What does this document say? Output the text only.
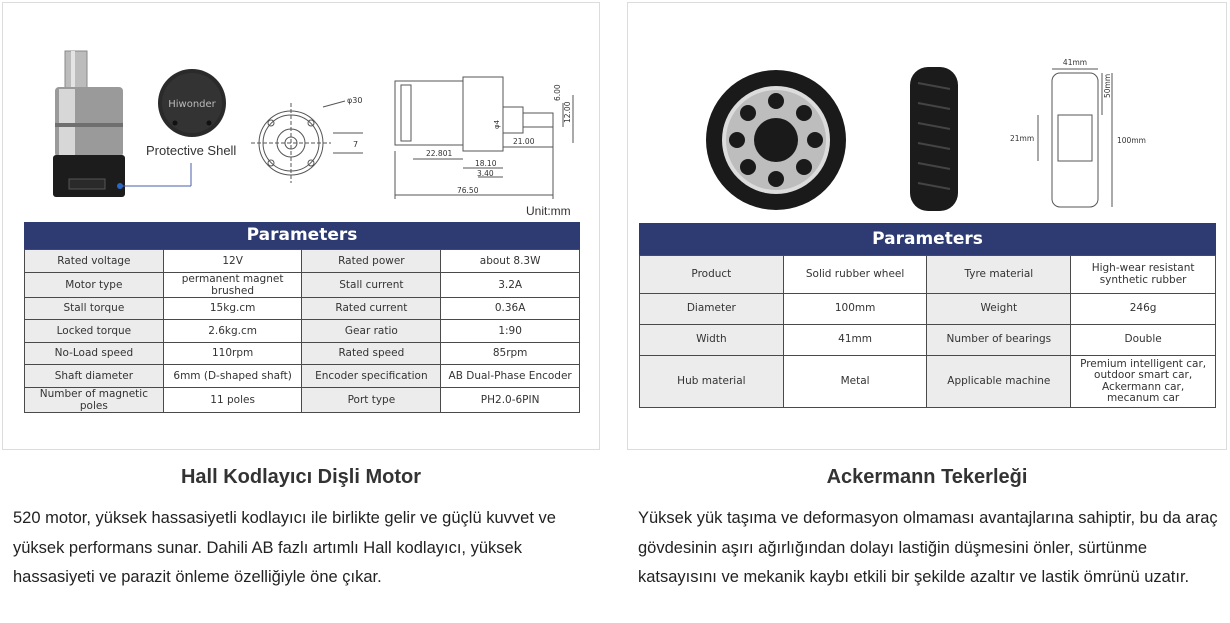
Hiwonder	φ30
7
22.801
18.10
3.40
21.00
76.50
6.00
12.00
φ4
Protective Shell
Unit:mm
Parameters
Rated voltage	12V	Rated power	about 8.3W
Motor type	permanent magnet brushed	Stall current	3.2A
Stall torque	15kg.cm	Rated current	0.36A
Locked torque	2.6kg.cm	Gear ratio	1:90
No-Load speed	110rpm	Rated speed	85rpm
Shaft diameter	6mm (D-shaped shaft)	Encoder specification	AB Dual-Phase Encoder
Number of magnetic poles	11 poles	Port type	PH2.0-6PIN
41mm
50mm
100mm
21mm
Parameters
Product	Solid rubber wheel	Tyre material	High-wear resistant synthetic rubber
Diameter	100mm	Weight	246g
Width	41mm	Number of bearings	Double
Hub material	Metal	Applicable machine	Premium intelligent car, outdoor smart car, Ackermann car, mecanum car
Hall Kodlayıcı Dişli Motor
520 motor, yüksek hassasiyetli kodlayıcı ile birlikte gelir ve güçlü kuvvet ve yüksek performans sunar. Dahili AB fazlı artımlı Hall kodlayıcı, yüksek hassasiyeti ve parazit önleme özelliğiyle öne çıkar.
Ackermann Tekerleği
Yüksek yük taşıma ve deformasyon olmaması avantajlarına sahiptir, bu da araç gövdesinin aşırı ağırlığından dolayı lastiğin düşmesini önler, sürtünme katsayısını ve mekanik kaybı etkili bir şekilde azaltır ve lastik ömrünü uzatır.
